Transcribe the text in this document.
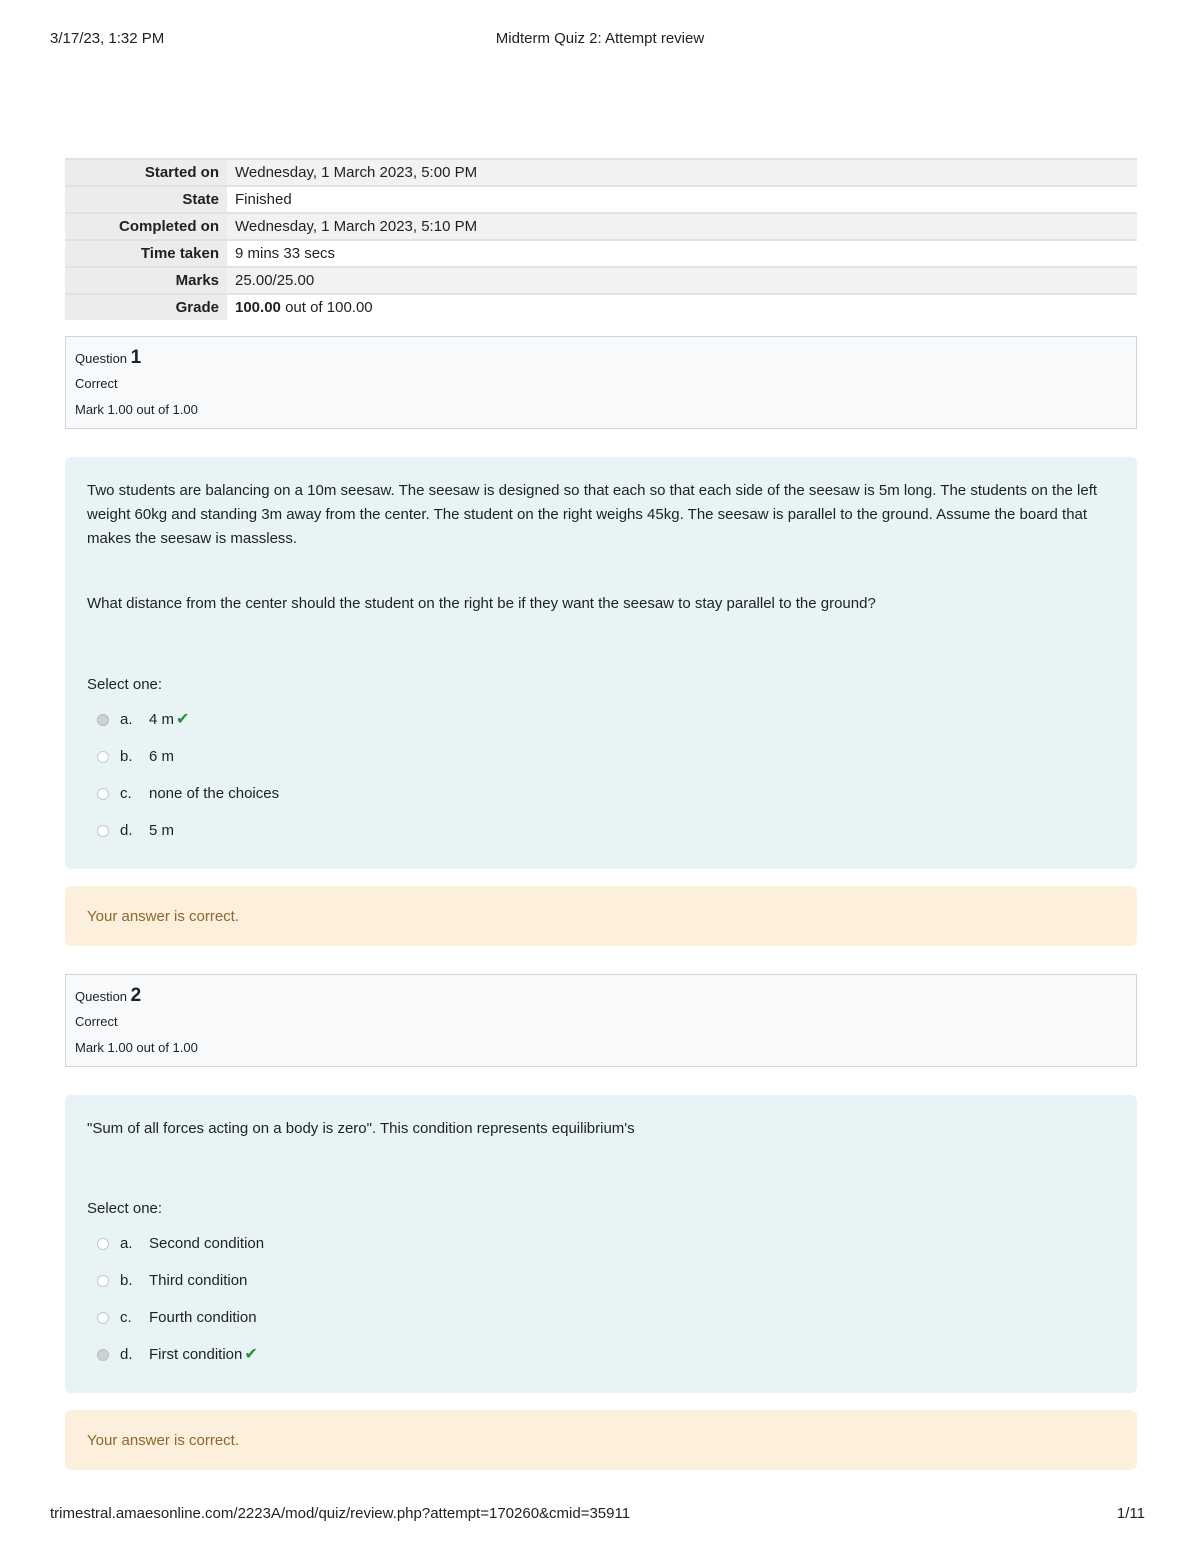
3/17/23, 1:32 PM	Midterm Quiz 2: Attempt review
Started on	Wednesday, 1 March 2023, 5:00 PM
State	Finished
Completed on	Wednesday, 1 March 2023, 5:10 PM
Time taken	9 mins 33 secs
Marks	25.00/25.00
Grade	100.00 out of 100.00
Question 1
Correct
Mark 1.00 out of 1.00

Two students are balancing on a 10m seesaw. The seesaw is designed so that each so that each side of the seesaw is 5m long. The students on the left weight 60kg and standing 3m away from the center. The student on the right weighs 45kg. The seesaw is parallel to the ground. Assume the board that makes the seesaw is massless.

What distance from the center should the student on the right be if they want the seesaw to stay parallel to the ground?

Select one:

a.	4 m ✔
b.	6 m
c.	none of the choices
d.	5 m
Your answer is correct.
Question 2
Correct
Mark 1.00 out of 1.00

"Sum of all forces acting on a body is zero". This condition represents equilibrium's

Select one:

a.	Second condition
b.	Third condition
c.	Fourth condition
d.	First condition ✔
Your answer is correct.
trimestral.amaesonline.com/2223A/mod/quiz/review.php?attempt=170260&cmid=35911	1/11
